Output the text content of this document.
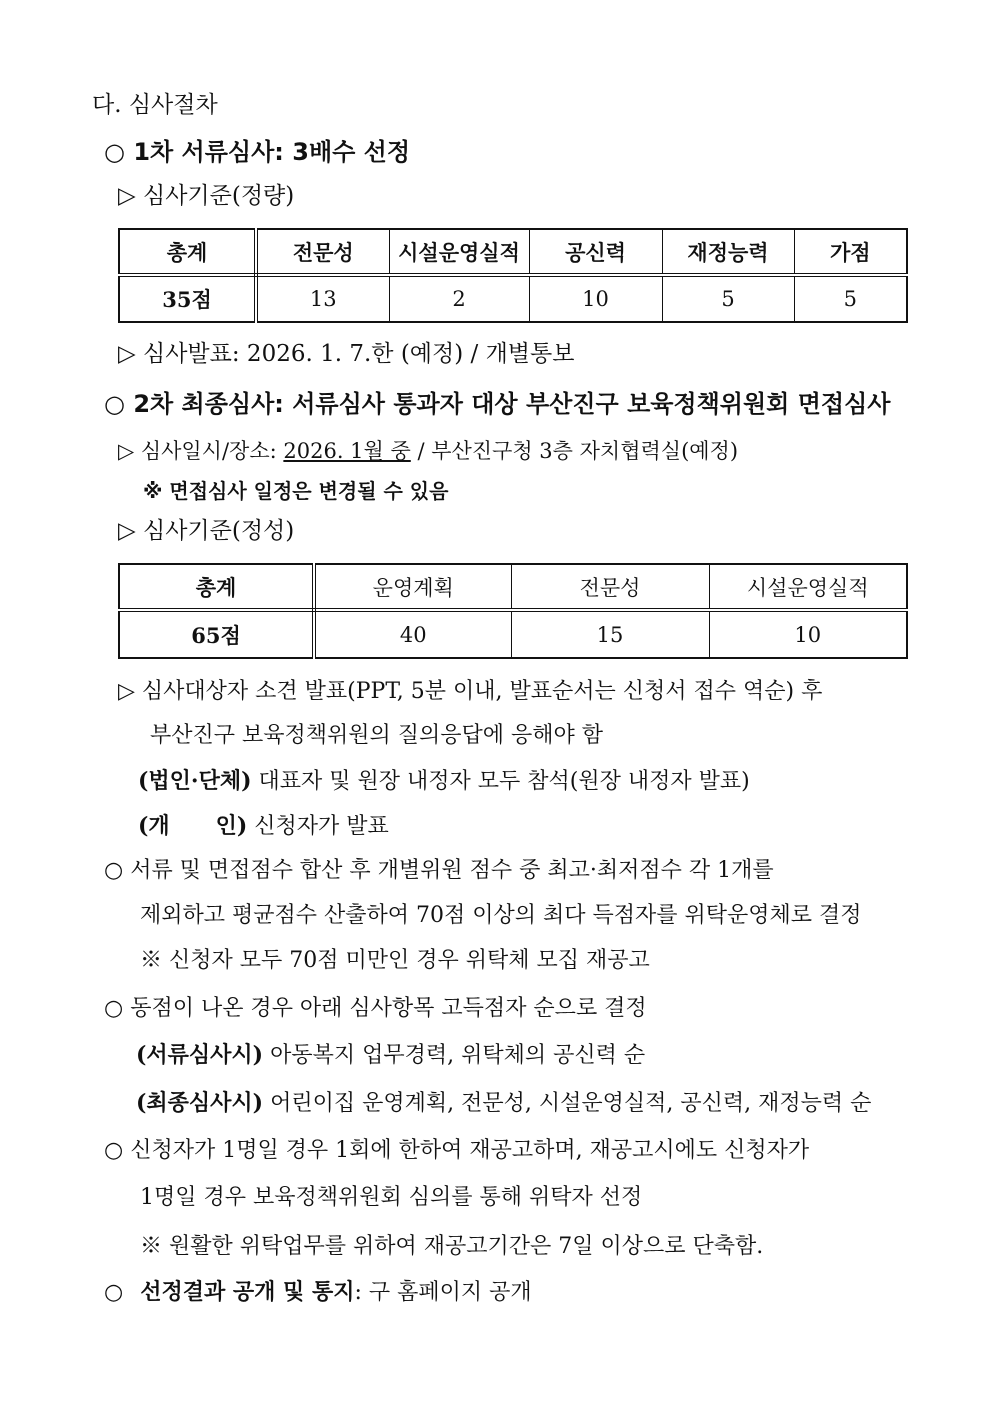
다. 심사절차
○ 1차 서류심사: 3배수 선정
▷ 심사기준(정량)
총계	전문성	시설운영실적	공신력	재정능력	가점
35점	13	2	10	5	5
▷ 심사발표: 2026. 1. 7.한 (예정) / 개별통보
○ 2차 최종심사: 서류심사 통과자 대상 부산진구 보육정책위원회 면접심사
▷ 심사일시/장소: 2026. 1월 중 / 부산진구청 3층 자치협력실(예정)
※ 면접심사 일정은 변경될 수 있음
▷ 심사기준(정성)
총계	운영계획	전문성	시설운영실적
65점	40	15	10
▷ 심사대상자 소견 발표(PPT, 5분 이내, 발표순서는 신청서 접수 역순) 후
부산진구 보육정책위원의 질의응답에 응해야 함
(법인·단체) 대표자 및 원장 내정자 모두 참석(원장 내정자 발표)
(개      인) 신청자가 발표
○ 서류 및 면접점수 합산 후 개별위원 점수 중 최고·최저점수 각 1개를
제외하고 평균점수 산출하여 70점 이상의 최다 득점자를 위탁운영체로 결정
※ 신청자 모두 70점 미만인 경우 위탁체 모집 재공고
○ 동점이 나온 경우 아래 심사항목 고득점자 순으로 결정
(서류심사시) 아동복지 업무경력, 위탁체의 공신력 순
(최종심사시) 어린이집 운영계획, 전문성, 시설운영실적, 공신력, 재정능력 순
○ 신청자가 1명일 경우 1회에 한하여 재공고하며, 재공고시에도 신청자가
1명일 경우 보육정책위원회 심의를 통해 위탁자 선정
※ 원활한 위탁업무를 위하여 재공고기간은 7일 이상으로 단축함.
○ 선정결과 공개 및 통지: 구 홈페이지 공개
